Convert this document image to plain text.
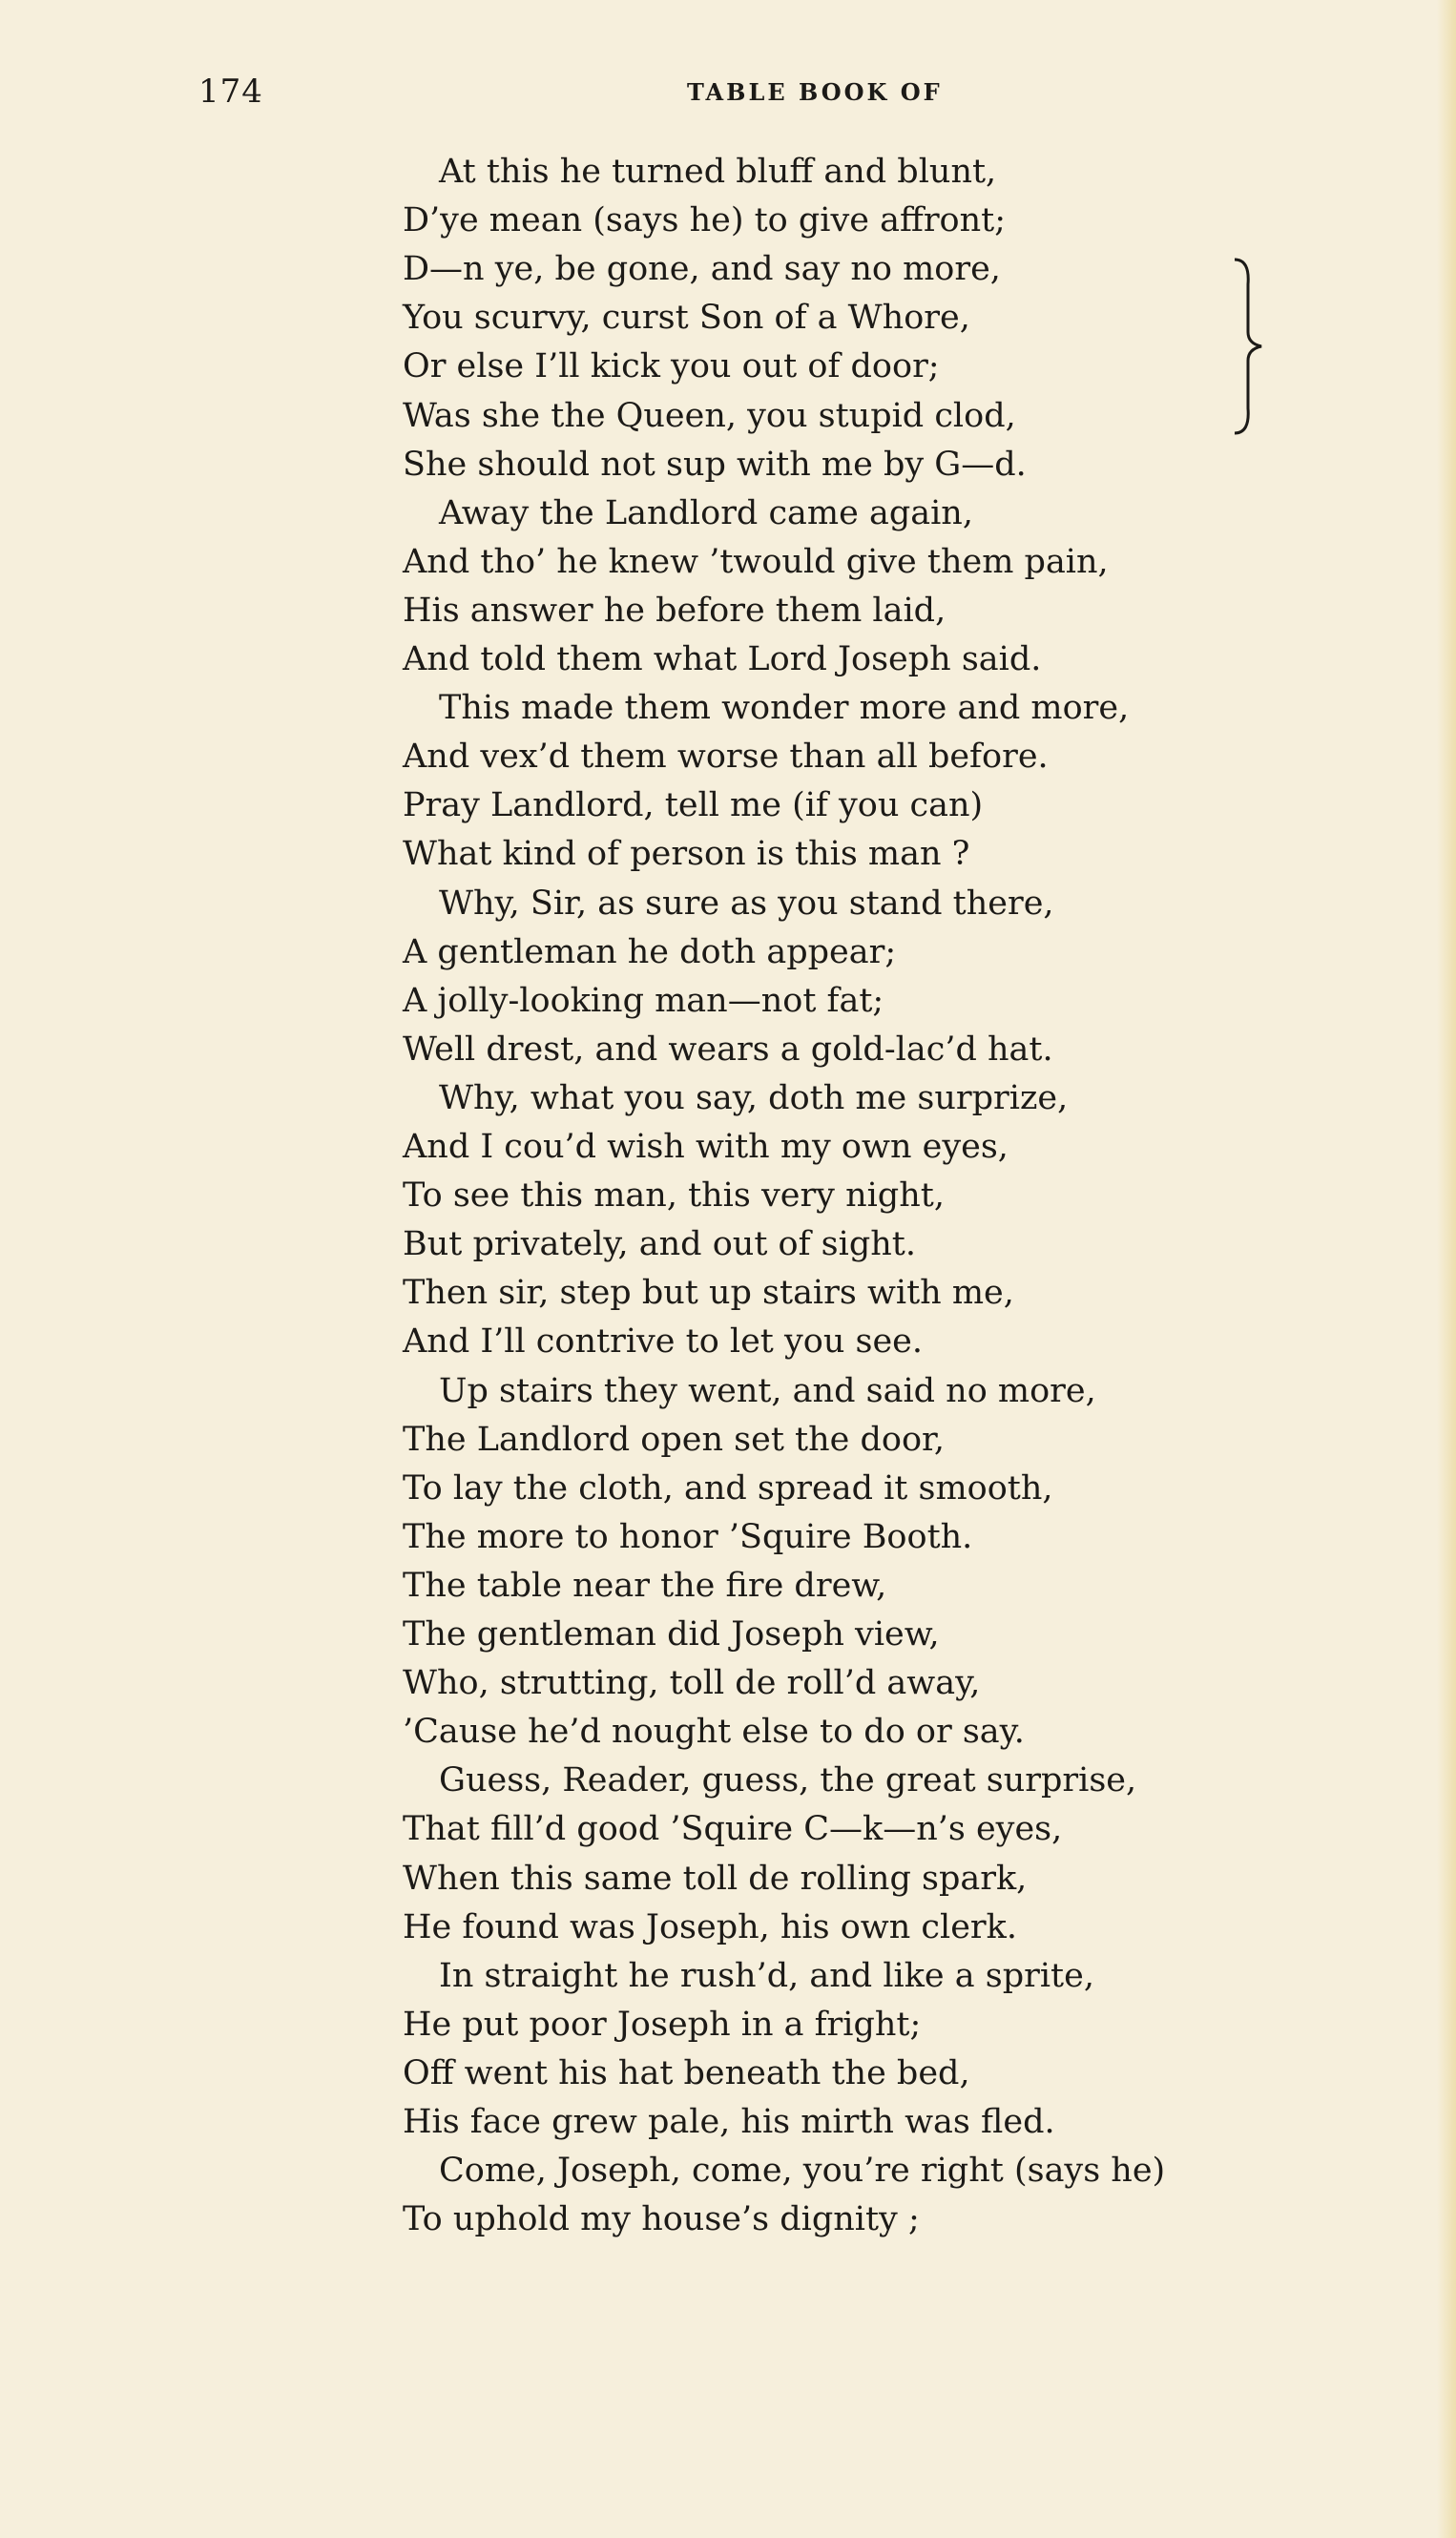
174	TABLE BOOK OF
At this he turned bluff and blunt,
D’ye mean (says he) to give affront;
D—n ye, be gone, and say no more,
You scurvy, curst Son of a Whore,
Or else I’ll kick you out of door;
Was she the Queen, you stupid clod,
She should not sup with me by G—d.
Away the Landlord came again,
And tho’ he knew ’twould give them pain,
His answer he before them laid,
And told them what Lord Joseph said.
This made them wonder more and more,
And vex’d them worse than all before.
Pray Landlord, tell me (if you can)
What kind of person is this man ?
Why, Sir, as sure as you stand there,
A gentleman he doth appear;
A jolly-looking man—not fat;
Well drest, and wears a gold-lac’d hat.
Why, what you say, doth me surprize,
And I cou’d wish with my own eyes,
To see this man, this very night,
But privately, and out of sight.
Then sir, step but up stairs with me,
And I’ll contrive to let you see.
Up stairs they went, and said no more,
The Landlord open set the door,
To lay the cloth, and spread it smooth,
The more to honor ’Squire Booth.
The table near the fire drew,
The gentleman did Joseph view,
Who, strutting, toll de roll’d away,
’Cause he’d nought else to do or say.
Guess, Reader, guess, the great surprise,
That fill’d good ’Squire C—k—n’s eyes,
When this same toll de rolling spark,
He found was Joseph, his own clerk.
In straight he rush’d, and like a sprite,
He put poor Joseph in a fright;
Off went his hat beneath the bed,
His face grew pale, his mirth was fled.
Come, Joseph, come, you’re right (says he)
To uphold my house’s dignity ;
